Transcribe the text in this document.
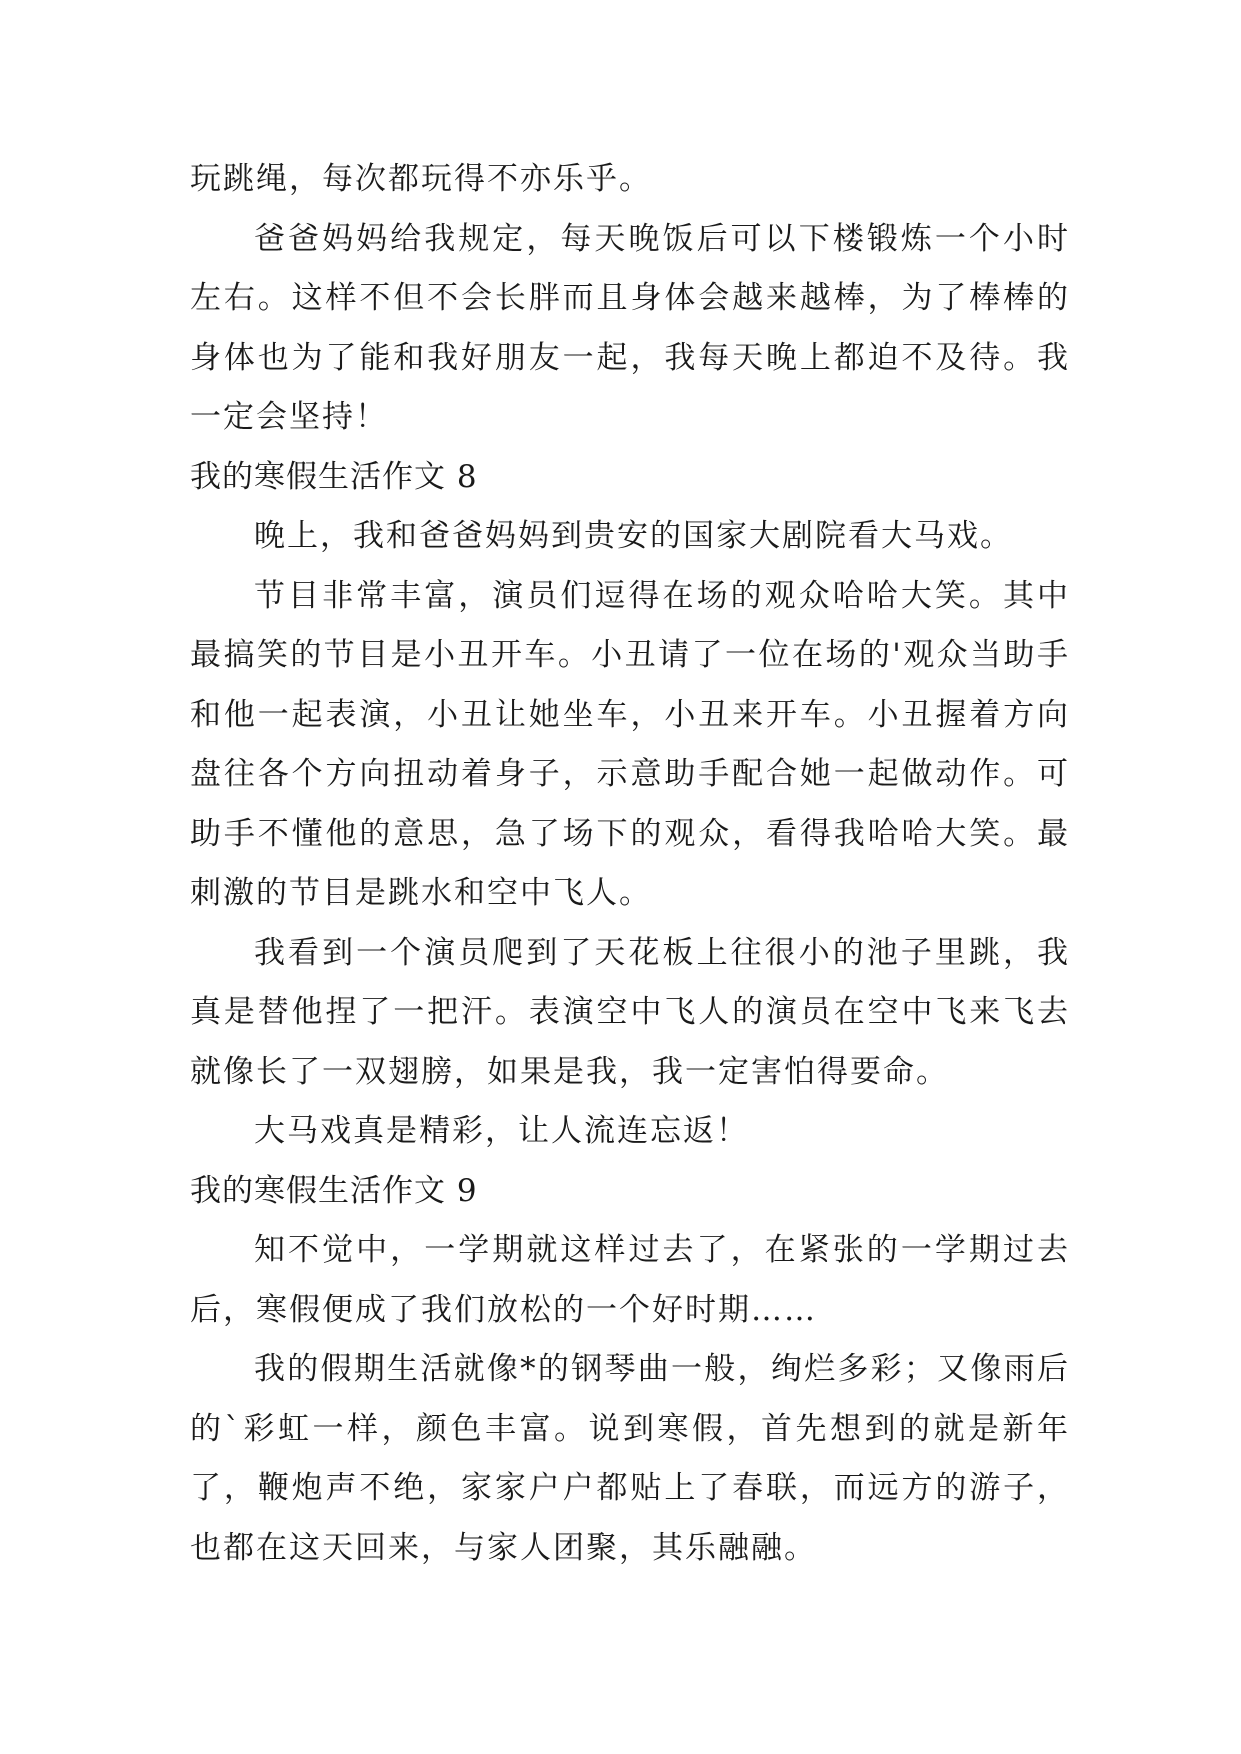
玩跳绳，每次都玩得不亦乐乎。

爸爸妈妈给我规定，每天晚饭后可以下楼锻炼一个小时左右。这样不但不会长胖而且身体会越来越棒，为了棒棒的身体也为了能和我好朋友一起，我每天晚上都迫不及待。我一定会坚持！

我的寒假生活作文 8

晚上，我和爸爸妈妈到贵安的国家大剧院看大马戏。

节目非常丰富，演员们逗得在场的观众哈哈大笑。其中最搞笑的节目是小丑开车。小丑请了一位在场的'观众当助手和他一起表演，小丑让她坐车，小丑来开车。小丑握着方向盘往各个方向扭动着身子，示意助手配合她一起做动作。可助手不懂他的意思，急了场下的观众，看得我哈哈大笑。最刺激的节目是跳水和空中飞人。

我看到一个演员爬到了天花板上往很小的池子里跳，我真是替他捏了一把汗。表演空中飞人的演员在空中飞来飞去就像长了一双翅膀，如果是我，我一定害怕得要命。

大马戏真是精彩，让人流连忘返！

我的寒假生活作文 9

知不觉中，一学期就这样过去了，在紧张的一学期过去后，寒假便成了我们放松的一个好时期……

我的假期生活就像*的钢琴曲一般，绚烂多彩；又像雨后的`彩虹一样，颜色丰富。说到寒假，首先想到的就是新年了，鞭炮声不绝，家家户户都贴上了春联，而远方的游子，也都在这天回来，与家人团聚，其乐融融。
